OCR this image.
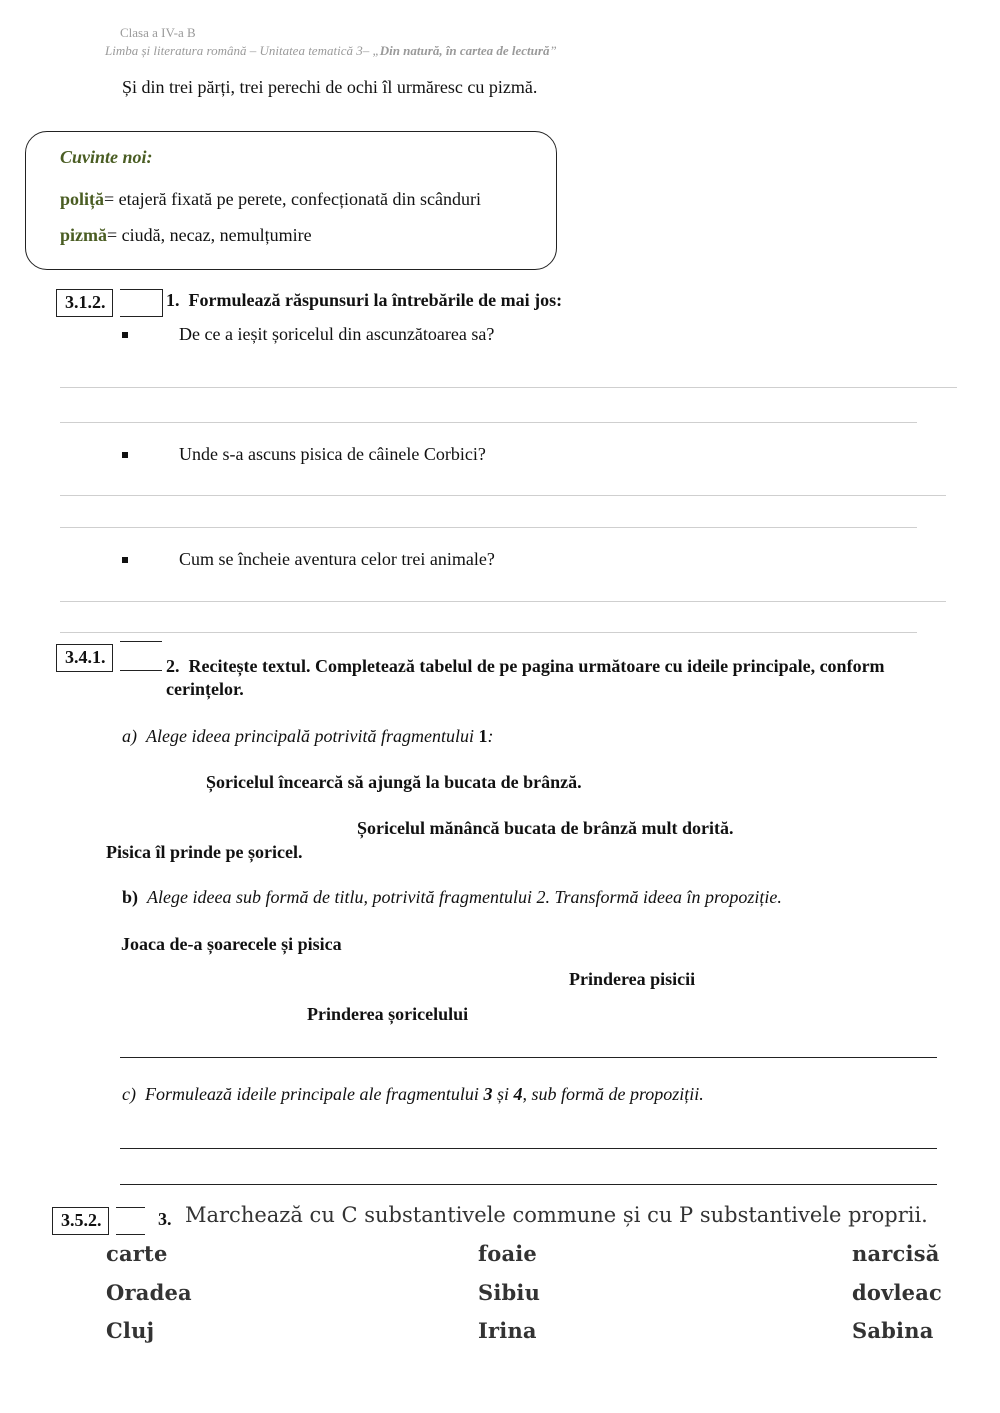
Clasa a IV-a B
Limba și literatura română – Unitatea tematică 3– „Din natură, în cartea de lectură”
Și din trei părți, trei perechi de ochi îl urmăresc cu pizmă.
Cuvinte noi:
poliță= etajeră fixată pe perete, confecționată din scânduri
pizmă= ciudă, necaz, nemulțumire
3.1.2.	1. Formulează răspunsuri la întrebările de mai jos:
De ce a ieșit șoricelul din ascunzătoarea sa?
Unde s-a ascuns pisica de câinele Corbici?
Cum se încheie aventura celor trei animale?
3.4.1.	2. Recitește textul. Completează tabelul de pe pagina următoare cu ideile principale, conform
cerințelor.
a) Alege ideea principală potrivită fragmentului 1:
Șoricelul încearcă să ajungă la bucata de brânză.
Șoricelul mănâncă bucata de brânză mult dorită.
Pisica îl prinde pe șoricel.
b) Alege ideea sub formă de titlu, potrivită fragmentului 2. Transformă ideea în propoziție.
Joaca de-a șoarecele și pisica
Prinderea pisicii
Prinderea șoricelului
c) Formulează ideile principale ale fragmentului 3 și 4, sub formă de propoziții.
3.5.2.	3. Marchează cu C substantivele commune și cu P substantivele proprii.
carte	foaie	narcisă
Oradea	Sibiu	dovleac
Cluj	Irina	Sabina
